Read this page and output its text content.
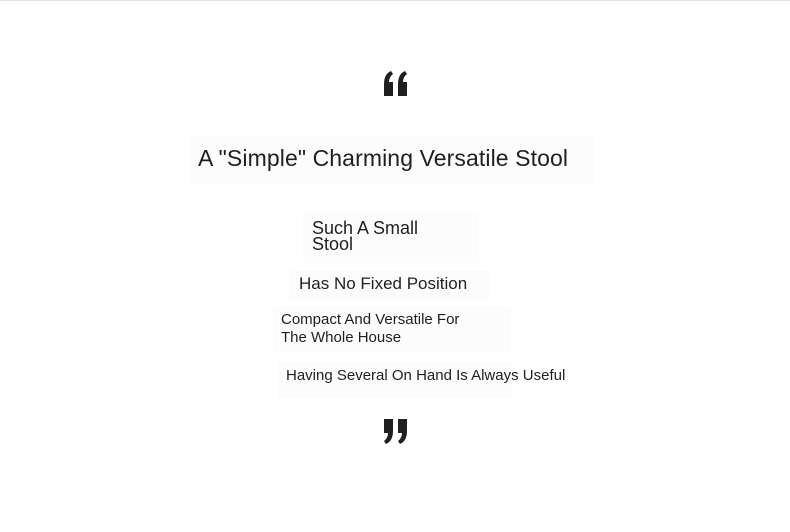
A "Simple" Charming Versatile Stool

Such A Small Stool

Has No Fixed Position

Compact And Versatile For The Whole House

Having Several On Hand Is Always Useful
